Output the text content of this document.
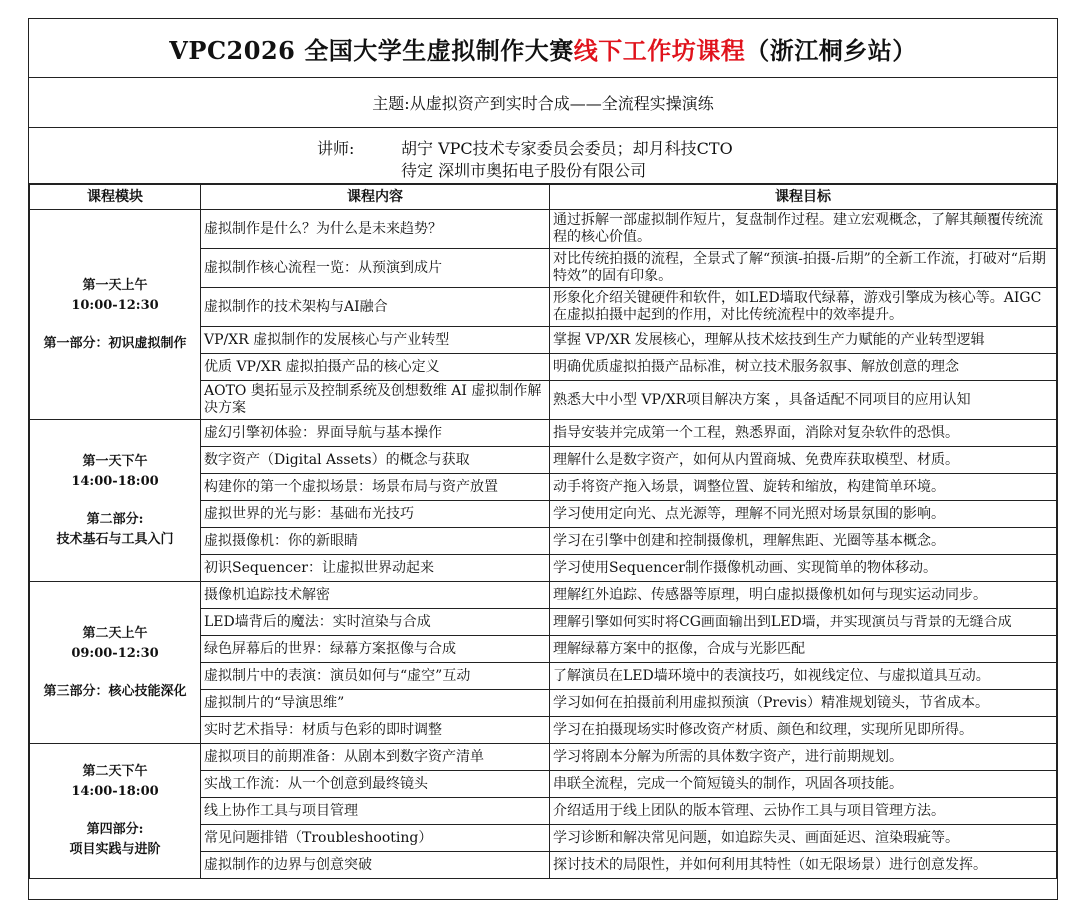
VPC2026 全国大学生虚拟制作大赛 线下工作坊课程 （浙江桐乡站）
主题:从虚拟资产到实时合成——全流程实操演练
讲师:	胡宁 VPC技术专家委员会委员；却月科技CTO
待定 深圳市奥拓电子股份有限公司
课程模块	课程内容	课程目标

第一天上午
10:00-12:30
第一部分：初识虚拟制作	虚拟制作是什么？为什么是未来趋势？	通过拆解一部虚拟制作短片，复盘制作过程。建立宏观概念，了解其颠覆传统流程的核心价值。
	虚拟制作核心流程一览：从预演到成片	对比传统拍摄的流程，全景式了解“预演-拍摄-后期”的全新工作流，打破对“后期特效”的固有印象。
	虚拟制作的技术架构与AI融合	形象化介绍关键硬件和软件，如LED墙取代绿幕，游戏引擎成为核心等。AIGC 在虚拟拍摄中起到的作用，对比传统流程中的效率提升。
	VP/XR 虚拟制作的发展核心与产业转型	掌握 VP/XR 发展核心，理解从技术炫技到生产力赋能的产业转型逻辑
	优质 VP/XR 虚拟拍摄产品的核心定义	明确优质虚拟拍摄产品标准，树立技术服务叙事、解放创意的理念
	AOTO 奥拓显示及控制系统及创想数维 AI 虚拟制作解决方案	熟悉大中小型 VP/XR项目解决方案 ，具备适配不同项目的应用认知

第一天下午
14:00-18:00
第二部分:
技术基石与工具入门	虚幻引擎初体验：界面导航与基本操作	指导安装并完成第一个工程，熟悉界面，消除对复杂软件的恐惧。
	数字资产（Digital Assets）的概念与获取	理解什么是数字资产，如何从内置商城、免费库获取模型、材质。
	构建你的第一个虚拟场景：场景布局与资产放置	动手将资产拖入场景，调整位置、旋转和缩放，构建简单环境。
	虚拟世界的光与影：基础布光技巧	学习使用定向光、点光源等，理解不同光照对场景氛围的影响。
	虚拟摄像机：你的新眼睛	学习在引擎中创建和控制摄像机，理解焦距、光圈等基本概念。
	初识Sequencer：让虚拟世界动起来	学习使用Sequencer制作摄像机动画、实现简单的物体移动。

第二天上午
09:00-12:30
第三部分：核心技能深化	摄像机追踪技术解密	理解红外追踪、传感器等原理，明白虚拟摄像机如何与现实运动同步。
	LED墙背后的魔法：实时渲染与合成	理解引擎如何实时将CG画面输出到LED墙，并实现演员与背景的无缝合成

	绿色屏幕后的世界：绿幕方案抠像与合成	理解绿幕方案中的抠像，合成与光影匹配
	虚拟制片中的表演：演员如何与“虚空”互动	了解演员在LED墙环境中的表演技巧，如视线定位、与虚拟道具互动。
	虚拟制片的“导演思维”	学习如何在拍摄前利用虚拟预演（Previs）精准规划镜头，节省成本。
	实时艺术指导：材质与色彩的即时调整	学习在拍摄现场实时修改资产材质、颜色和纹理，实现所见即所得。

第二天下午
14:00-18:00
第四部分:
项目实践与进阶	虚拟项目的前期准备：从剧本到数字资产清单	学习将剧本分解为所需的具体数字资产，进行前期规划。
	实战工作流：从一个创意到最终镜头	串联全流程，完成一个简短镜头的制作，巩固各项技能。
	线上协作工具与项目管理	介绍适用于线上团队的版本管理、云协作工具与项目管理方法。
	常见问题排错（Troubleshooting）	学习诊断和解决常见问题，如追踪失灵、画面延迟、渲染瑕疵等。
	虚拟制作的边界与创意突破	探讨技术的局限性，并如何利用其特性（如无限场景）进行创意发挥。
